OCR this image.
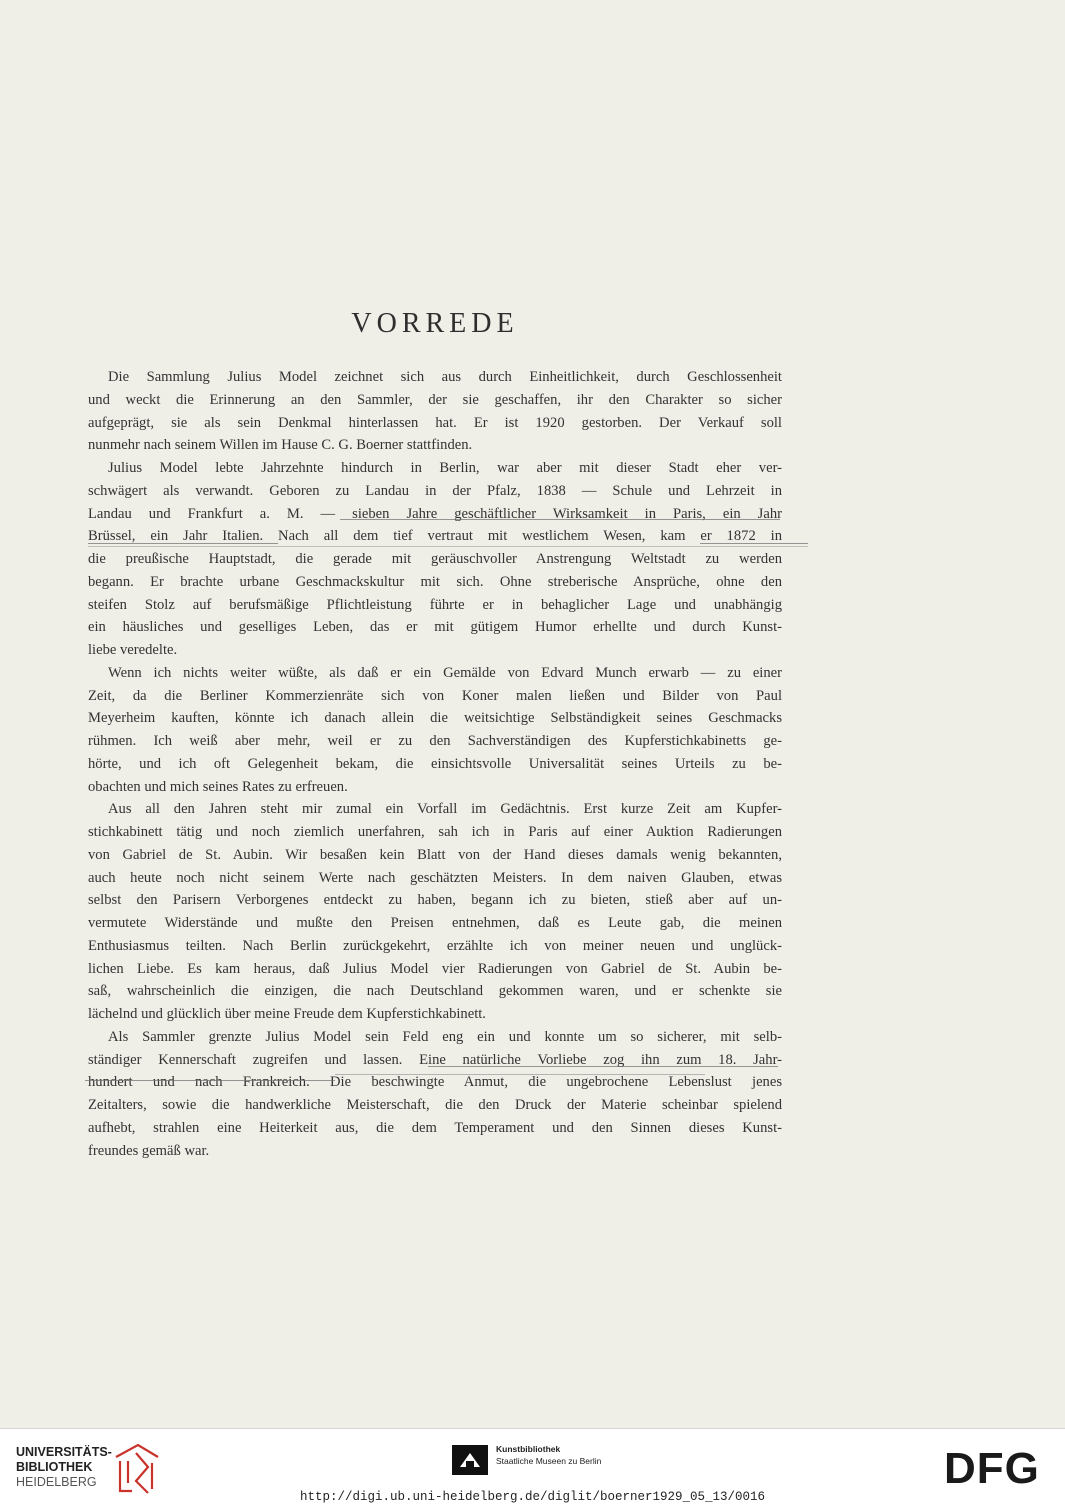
VORREDE
Die Sammlung Julius Model zeichnet sich aus durch Einheitlichkeit, durch Geschlossenheit
und weckt die Erinnerung an den Sammler, der sie geschaffen, ihr den Charakter so sicher
aufgeprägt, sie als sein Denkmal hinterlassen hat. Er ist 1920 gestorben. Der Verkauf soll
nunmehr nach seinem Willen im Hause C. G. Boerner stattfinden.
Julius Model lebte Jahrzehnte hindurch in Berlin, war aber mit dieser Stadt eher ver-
schwägert als verwandt. Geboren zu Landau in der Pfalz, 1838 — Schule und Lehrzeit in
Landau und Frankfurt a. M. — sieben Jahre geschäftlicher Wirksamkeit in Paris, ein Jahr
Brüssel, ein Jahr Italien. Nach all dem tief vertraut mit westlichem Wesen, kam er 1872 in
die preußische Hauptstadt, die gerade mit geräuschvoller Anstrengung Weltstadt zu werden
begann. Er brachte urbane Geschmackskultur mit sich. Ohne streberische Ansprüche, ohne den
steifen Stolz auf berufsmäßige Pflichtleistung führte er in behaglicher Lage und unabhängig
ein häusliches und geselliges Leben, das er mit gütigem Humor erhellte und durch Kunst-
liebe veredelte.
Wenn ich nichts weiter wüßte, als daß er ein Gemälde von Edvard Munch erwarb — zu einer
Zeit, da die Berliner Kommerzienräte sich von Koner malen ließen und Bilder von Paul
Meyerheim kauften, könnte ich danach allein die weitsichtige Selbständigkeit seines Geschmacks
rühmen. Ich weiß aber mehr, weil er zu den Sachverständigen des Kupferstichkabinetts ge-
hörte, und ich oft Gelegenheit bekam, die einsichtsvolle Universalität seines Urteils zu be-
obachten und mich seines Rates zu erfreuen.
Aus all den Jahren steht mir zumal ein Vorfall im Gedächtnis. Erst kurze Zeit am Kupfer-
stichkabinett tätig und noch ziemlich unerfahren, sah ich in Paris auf einer Auktion Radierungen
von Gabriel de St. Aubin. Wir besaßen kein Blatt von der Hand dieses damals wenig bekannten,
auch heute noch nicht seinem Werte nach geschätzten Meisters. In dem naiven Glauben, etwas
selbst den Parisern Verborgenes entdeckt zu haben, begann ich zu bieten, stieß aber auf un-
vermutete Widerstände und mußte den Preisen entnehmen, daß es Leute gab, die meinen
Enthusiasmus teilten. Nach Berlin zurückgekehrt, erzählte ich von meiner neuen und unglück-
lichen Liebe. Es kam heraus, daß Julius Model vier Radierungen von Gabriel de St. Aubin be-
saß, wahrscheinlich die einzigen, die nach Deutschland gekommen waren, und er schenkte sie
lächelnd und glücklich über meine Freude dem Kupferstichkabinett.
Als Sammler grenzte Julius Model sein Feld eng ein und konnte um so sicherer, mit selb-
ständiger Kennerschaft zugreifen und lassen. Eine natürliche Vorliebe zog ihn zum 18. Jahr-
hundert und nach Frankreich. Die beschwingte Anmut, die ungebrochene Lebenslust jenes
Zeitalters, sowie die handwerkliche Meisterschaft, die den Druck der Materie scheinbar spielend
aufhebt, strahlen eine Heiterkeit aus, die dem Temperament und den Sinnen dieses Kunst-
freundes gemäß war.
UNIVERSITÄTS-
BIBLIOTHEK
HEIDELBERG
Kunstbibliothek
Staatliche Museen zu Berlin	DFG
http://digi.ub.uni-heidelberg.de/diglit/boerner1929_05_13/0016
